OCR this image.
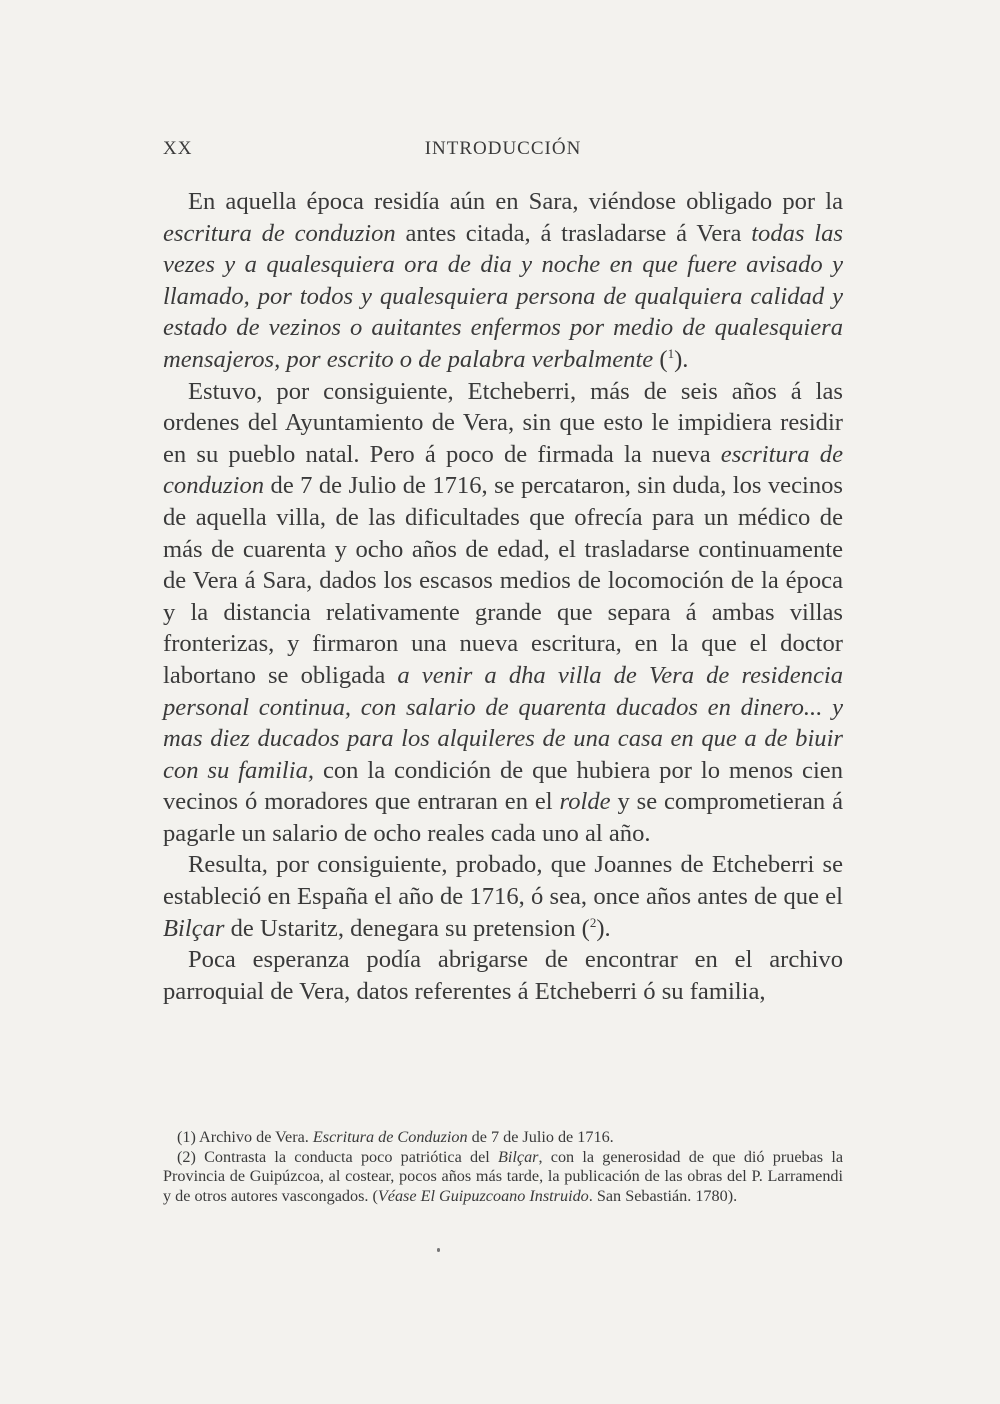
XX	INTRODUCCIÓN

En aquella época residía aún en Sara, viéndose obligado por la escritura de conduzion antes citada, á trasladarse á Vera todas las vezes y a qualesquiera ora de dia y noche en que fuere avisado y llamado, por todos y qualesquiera persona de qualquiera calidad y estado de vezinos o auitantes enfermos por medio de qualesquiera mensajeros, por escrito o de palabra verbalmente ($^1$).

Estuvo, por consiguiente, Etcheberri, más de seis años á las ordenes del Ayuntamiento de Vera, sin que esto le impidiera residir en su pueblo natal. Pero á poco de firmada la nueva escritura de conduzion de 7 de Julio de 1716, se percataron, sin duda, los vecinos de aquella villa, de las dificultades que ofrecía para un médico de más de cuarenta y ocho años de edad, el trasladarse continuamente de Vera á Sara, dados los escasos medios de locomoción de la época y la distancia relativamente grande que separa á ambas villas fronterizas, y firmaron una nueva escritura, en la que el doctor labortano se obligada a venir a dha villa de Vera de residencia personal continua, con salario de quarenta ducados en dinero... y mas diez ducados para los alquileres de una casa en que a de biuir con su familia, con la condición de que hubiera por lo menos cien vecinos ó moradores que entraran en el rolde y se comprometieran á pagarle un salario de ocho reales cada uno al año.

Resulta, por consiguiente, probado, que Joannes de Etcheberri se estableció en España el año de 1716, ó sea, once años antes de que el Bilçar de Ustaritz, denegara su pretension ($^2$).

Poca esperanza podía abrigarse de encontrar en el archivo parroquial de Vera, datos referentes á Etcheberri ó su familia,

(1) Archivo de Vera. Escritura de Conduzion de 7 de Julio de 1716.

(2) Contrasta la conducta poco patriótica del Bilçar, con la generosidad de que dió pruebas la Provincia de Guipúzcoa, al costear, pocos años más tarde, la publicación de las obras del P. Larramendi y de otros autores vascongados. (Véase El Guipuzcoano Instruido. San Sebastián. 1780).
